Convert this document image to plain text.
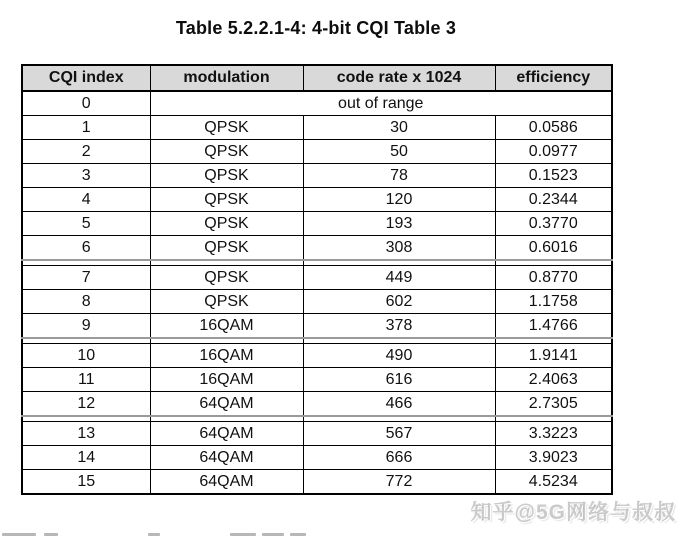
Table 5.2.2.1-4: 4-bit CQI Table 3
CQI index	modulation	code rate x 1024	efficiency
0	out of range		
1	QPSK	30	0.0586
2	QPSK	50	0.0977
3	QPSK	78	0.1523
4	QPSK	120	0.2344
5	QPSK	193	0.3770
6	QPSK	308	0.6016

7	QPSK	449	0.8770
8	QPSK	602	1.1758
9	16QAM	378	1.4766

10	16QAM	490	1.9141
11	16QAM	616	2.4063
12	64QAM	466	2.7305

13	64QAM	567	3.3223
14	64QAM	666	3.9023
15	64QAM	772	4.5234
知乎@5G网络与叔叔
